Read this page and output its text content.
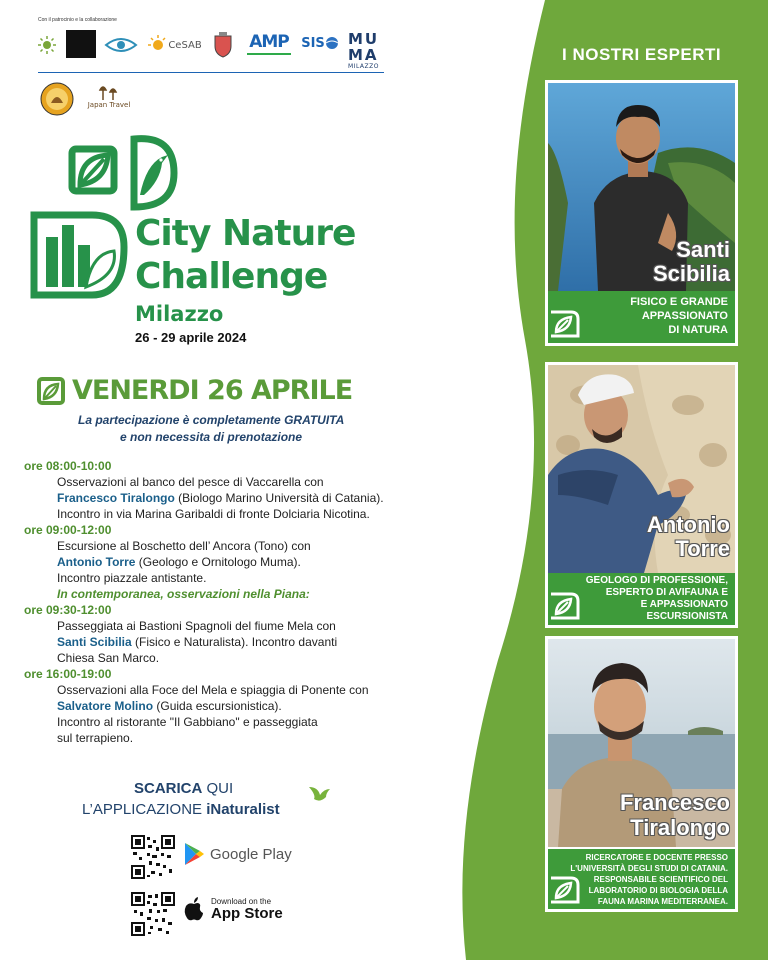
Con il patrocinio e la collaborazione
CeSAB	AMP SIS MU
MA
MILAZZO
Japan Travel
City Nature
Challenge
Milazzo
26 - 29 aprile 2024
VENERDI 26 APRILE
La partecipazione è completamente GRATUITA
e non necessita di prenotazione
ore 08:00-10:00
Osservazioni al banco del pesce di Vaccarella con
Francesco Tiralongo (Biologo Marino Università di Catania).
Incontro in via Marina Garibaldi di fronte Dolciaria Nicotina.
ore 09:00-12:00
Escursione al Boschetto dell’ Ancora (Tono) con
Antonio Torre (Geologo e Ornitologo Muma).
Incontro piazzale antistante.
In contemporanea, osservazioni nella Piana:
ore 09:30-12:00
Passeggiata ai Bastioni Spagnoli del fiume Mela con
Santi Scibilia (Fisico e Naturalista). Incontro davanti
Chiesa San Marco.
ore 16:00-19:00
Osservazioni alla Foce del Mela e spiaggia di Ponente con
Salvatore Molino (Guida escursionistica).
Incontro al ristorante "Il Gabbiano" e passeggiata
sul terrapieno.
SCARICA QUI
L’APPLICAZIONE iNaturalist
Google Play
Download on the
App Store
I NOSTRI ESPERTI
Santi
Scibilia
FISICO E GRANDE
APPASSIONATO
DI NATURA
Antonio
Torre
GEOLOGO DI PROFESSIONE,
ESPERTO DI AVIFAUNA E
E APPASSIONATO
ESCURSIONISTA
Francesco
Tiralongo
RICERCATORE E DOCENTE PRESSO
L'UNIVERSITÀ DEGLI STUDI DI CATANIA.
RESPONSABILE SCIENTIFICO DEL
LABORATORIO DI BIOLOGIA DELLA
FAUNA MARINA MEDITERRANEA.
